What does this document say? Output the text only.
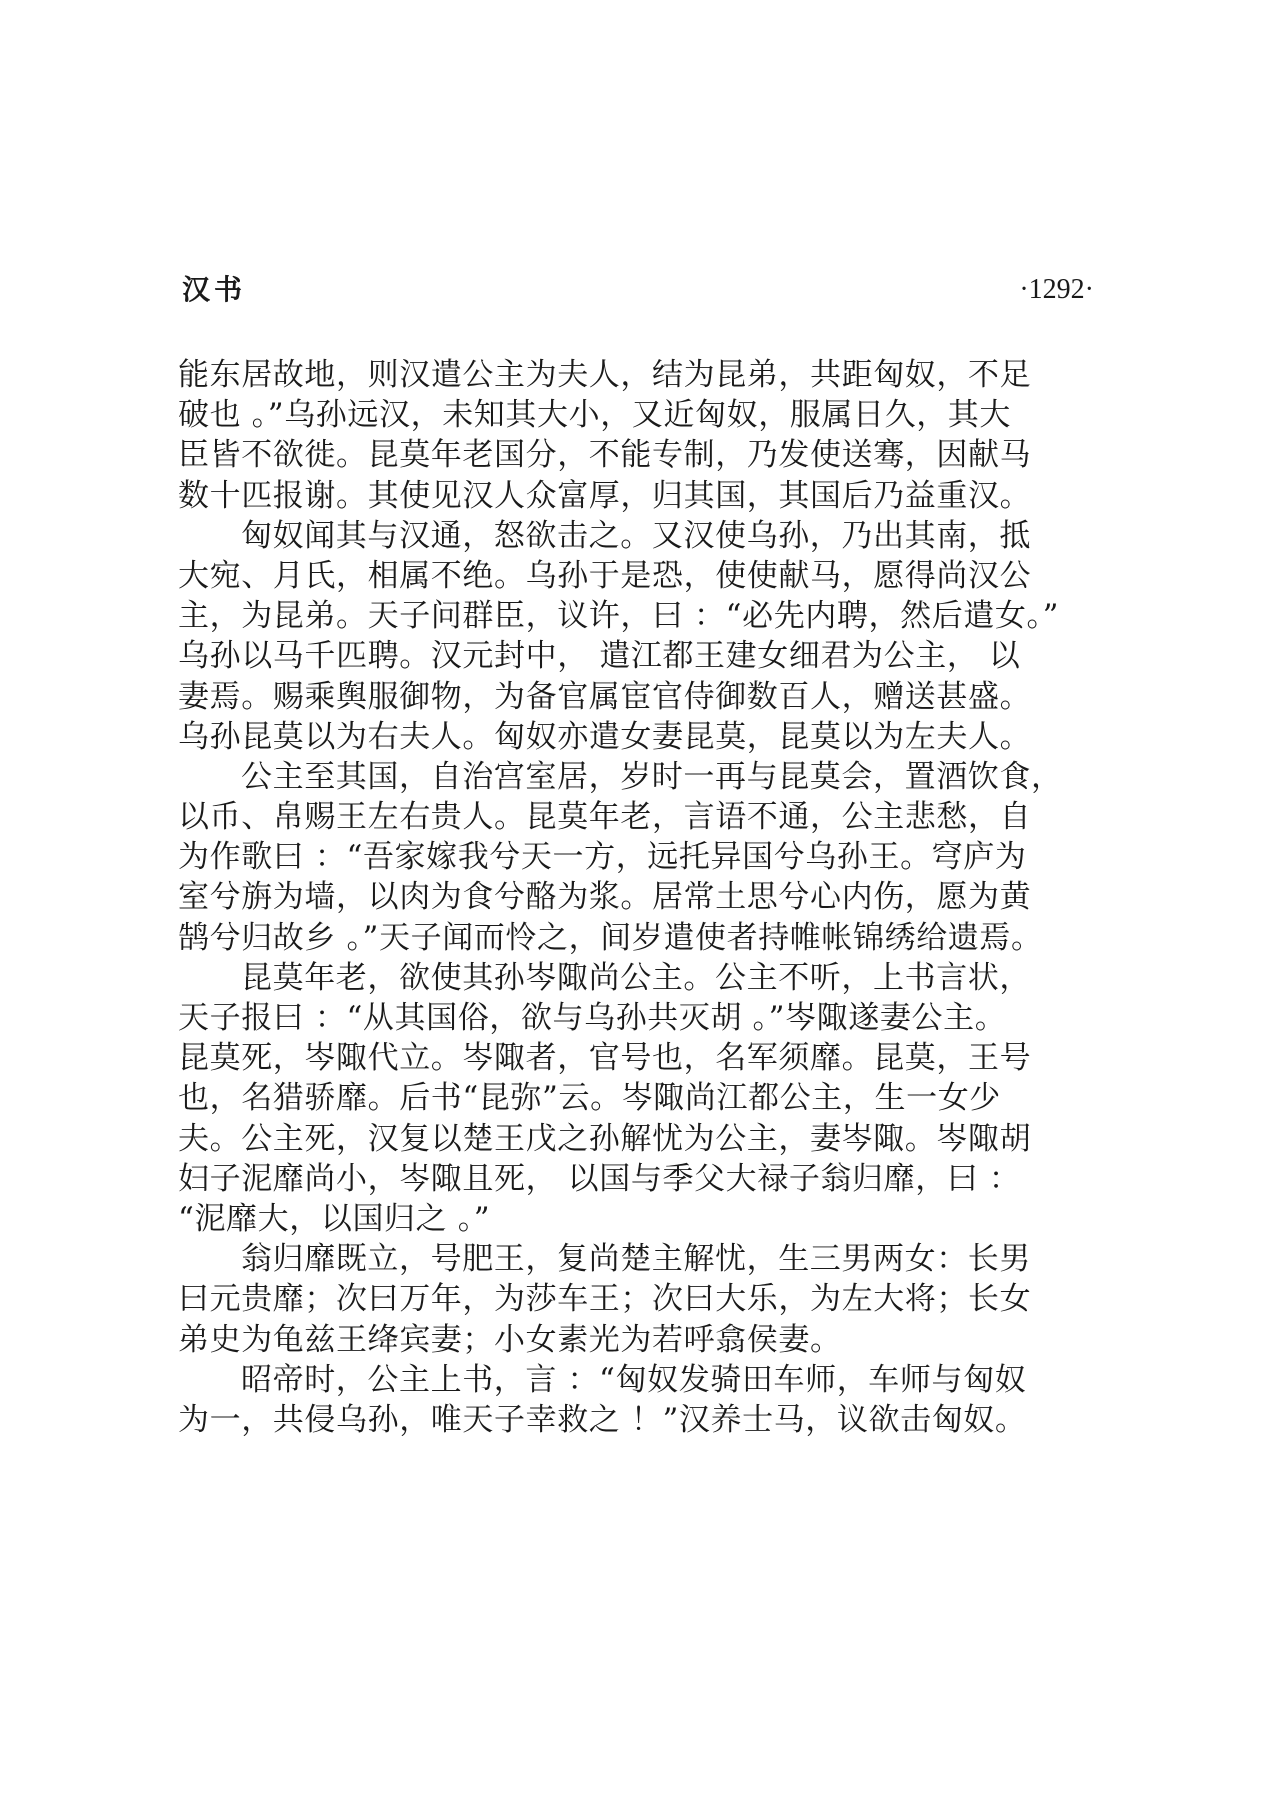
汉书	·1292·
能东居故地，则汉遣公主为夫人，结为昆弟，共距匈奴，不足
破也 。”乌孙远汉，未知其大小，又近匈奴，服属日久，其大
臣皆不欲徙。昆莫年老国分，不能专制，乃发使送骞，因献马
数十匹报谢。其使见汉人众富厚，归其国，其国后乃益重汉。
匈奴闻其与汉通，怒欲击之。又汉使乌孙，乃出其南，抵
大宛、月氏，相属不绝。乌孙于是恐，使使献马，愿得尚汉公
主，为昆弟。天子问群臣，议许，曰 ：“必先内聘，然后遣女。”
乌孙以马千匹聘。汉元封中， 遣江都王建女细君为公主， 以
妻焉。赐乘舆服御物，为备官属宦官侍御数百人，赠送甚盛。
乌孙昆莫以为右夫人。匈奴亦遣女妻昆莫，昆莫以为左夫人。
公主至其国，自治宫室居，岁时一再与昆莫会，置酒饮食，
以币、帛赐王左右贵人。昆莫年老，言语不通，公主悲愁，自
为作歌曰 ：“吾家嫁我兮天一方，远托异国兮乌孙王。穹庐为
室兮旃为墙，以肉为食兮酪为浆。居常土思兮心内伤，愿为黄
鹄兮归故乡 。”天子闻而怜之，间岁遣使者持帷帐锦绣给遗焉。
昆莫年老，欲使其孙岑陬尚公主。公主不听，上书言状，
天子报曰 ：“从其国俗，欲与乌孙共灭胡 。”岑陬遂妻公主。
昆莫死，岑陬代立。岑陬者，官号也，名军须靡。昆莫，王号
也，名猎骄靡。后书“昆弥”云。岑陬尚江都公主，生一女少
夫。公主死，汉复以楚王戊之孙解忧为公主，妻岑陬。岑陬胡
妇子泥靡尚小，岑陬且死， 以国与季父大禄子翁归靡，曰 ：
“泥靡大，以国归之 。”
翁归靡既立，号肥王，复尚楚主解忧，生三男两女：长男
曰元贵靡；次曰万年，为莎车王；次曰大乐，为左大将；长女
弟史为龟兹王绛宾妻；小女素光为若呼翕侯妻。
昭帝时，公主上书，言 ：“匈奴发骑田车师，车师与匈奴
为一，共侵乌孙，唯天子幸救之 ！”汉养士马，议欲击匈奴。
